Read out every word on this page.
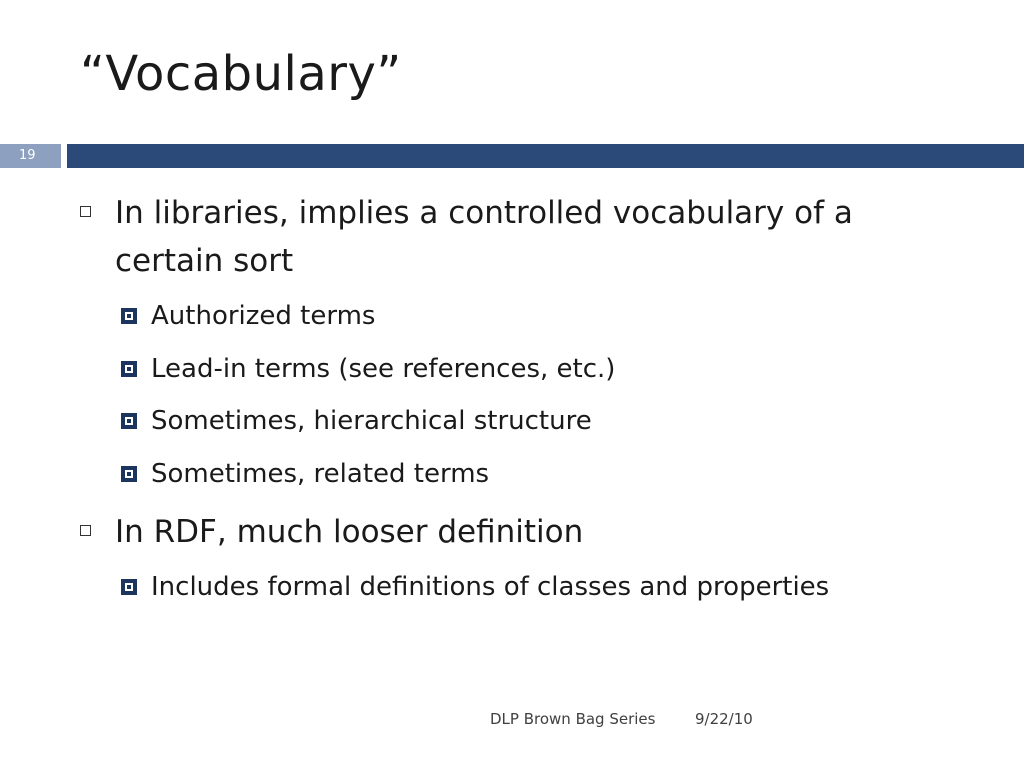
“Vocabulary”
19
In libraries, implies a controlled vocabulary of a certain sort
Authorized terms
Lead-in terms (see references, etc.)
Sometimes, hierarchical structure
Sometimes, related terms
In RDF, much looser definition
Includes formal definitions of classes and properties
DLP Brown Bag Series	9/22/10
